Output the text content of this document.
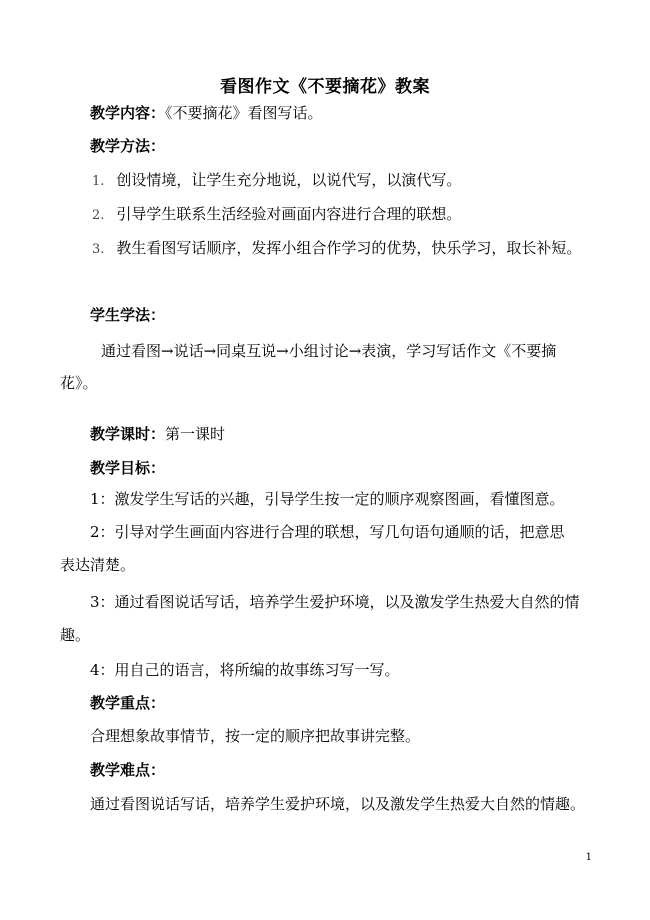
看图作文《不要摘花》教案
教学内容：《不要摘花》看图写话。
教学方法：
1. 创设情境，让学生充分地说，以说代写，以演代写。
2. 引导学生联系生活经验对画面内容进行合理的联想。
3. 教生看图写话顺序，发挥小组合作学习的优势，快乐学习，取长补短。
学生学法：
通过看图→说话→同桌互说→小组讨论→表演，学习写话作文《不要摘
花》。
教学课时：第一课时
教学目标：
1：激发学生写话的兴趣，引导学生按一定的顺序观察图画，看懂图意。
2：引导对学生画面内容进行合理的联想，写几句语句通顺的话，把意思
表达清楚。
3：通过看图说话写话，培养学生爱护环境，以及激发学生热爱大自然的情
趣。
4：用自己的语言，将所编的故事练习写一写。
教学重点：
合理想象故事情节，按一定的顺序把故事讲完整。
教学难点：
通过看图说话写话，培养学生爱护环境，以及激发学生热爱大自然的情趣。
1
